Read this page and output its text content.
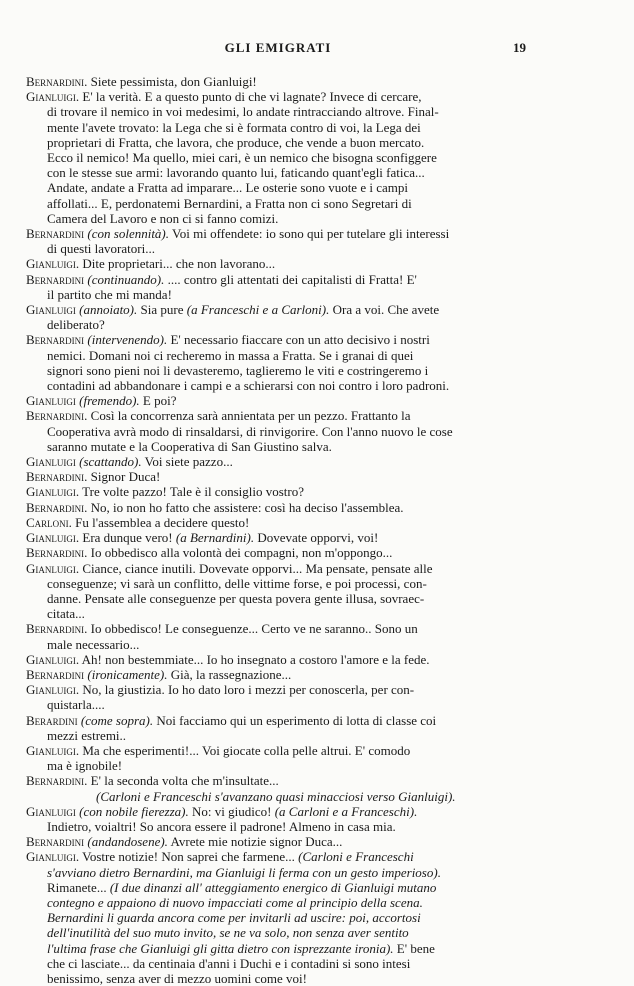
GLI EMIGRATI	19

Bernardini. Siete pessimista, don Gianluigi!

Gianluigi. E' la verità. E a questo punto di che vi lagnate? Invece di cercare,
di trovare il nemico in voi medesimi, lo andate rintracciando altrove. Final-
mente l'avete trovato: la Lega che si è formata contro di voi, la Lega dei
proprietari di Fratta, che lavora, che produce, che vende a buon mercato.
Ecco il nemico! Ma quello, miei cari, è un nemico che bisogna sconfiggere
con le stesse sue armi: lavorando quanto lui, faticando quant'egli fatica...
Andate, andate a Fratta ad imparare... Le osterie sono vuote e i campi
affollati... E, perdonatemi Bernardini, a Fratta non ci sono Segretari di
Camera del Lavoro e non ci si fanno comizi.

Bernardini (con solennità). Voi mi offendete: io sono qui per tutelare gli interessi
di questi lavoratori...

Gianluigi. Dite proprietari... che non lavorano...

Bernardini (continuando). .... contro gli attentati dei capitalisti di Fratta! E'
il partito che mi manda!

Gianluigi (annoiato). Sia pure (a Franceschi e a Carloni). Ora a voi. Che avete
deliberato?

Bernardini (intervenendo). E' necessario fiaccare con un atto decisivo i nostri
nemici. Domani noi ci recheremo in massa a Fratta. Se i granai di quei
signori sono pieni noi li devasteremo, taglieremo le viti e costringeremo i
contadini ad abbandonare i campi e a schierarsi con noi contro i loro padroni.

Gianluigi (fremendo). E poi?

Bernardini. Così la concorrenza sarà annientata per un pezzo. Frattanto la
Cooperativa avrà modo di rinsaldarsi, di rinvigorire. Con l'anno nuovo le cose
saranno mutate e la Cooperativa di San Giustino salva.

Gianluigi (scattando). Voi siete pazzo...

Bernardini. Signor Duca!

Gianluigi. Tre volte pazzo! Tale è il consiglio vostro?

Bernardini. No, io non ho fatto che assistere: così ha deciso l'assemblea.

Carloni. Fu l'assemblea a decidere questo!

Gianluigi. Era dunque vero! (a Bernardini). Dovevate opporvi, voi!

Bernardini. Io obbedisco alla volontà dei compagni, non m'oppongo...

Gianluigi. Ciance, ciance inutili. Dovevate opporvi... Ma pensate, pensate alle
conseguenze; vi sarà un conflitto, delle vittime forse, e poi processi, con-
danne. Pensate alle conseguenze per questa povera gente illusa, sovraec-
citata...

Bernardini. Io obbedisco! Le conseguenze... Certo ve ne saranno.. Sono un
male necessario...

Gianluigi. Ah! non bestemmiate... Io ho insegnato a costoro l'amore e la fede.

Bernardini (ironicamente). Già, la rassegnazione...

Gianluigi. No, la giustizia. Io ho dato loro i mezzi per conoscerla, per con-
quistarla....

Berardini (come sopra). Noi facciamo qui un esperimento di lotta di classe coi
mezzi estremi..

Gianluigi. Ma che esperimenti!... Voi giocate colla pelle altrui. E' comodo
ma è ignobile!

Bernardini. E' la seconda volta che m'insultate...

(Carloni e Franceschi s'avanzano quasi minacciosi verso Gianluigi).

Gianluigi (con nobile fierezza). No: vi giudico! (a Carloni e a Franceschi).
Indietro, voialtri! So ancora essere il padrone! Almeno in casa mia.

Bernardini (andandosene). Avrete mie notizie signor Duca...

Gianluigi. Vostre notizie! Non saprei che farmene... (Carloni e Franceschi
s'avviano dietro Bernardini, ma Gianluigi li ferma con un gesto imperioso).
Rimanete... (I due dinanzi all' atteggiamento energico di Gianluigi mutano
contegno e appaiono di nuovo impacciati come al principio della scena.
Bernardini li guarda ancora come per invitarli ad uscire: poi, accortosi
dell'inutilità del suo muto invito, se ne va solo, non senza aver sentito
l'ultima frase che Gianluigi gli gitta dietro con isprezzante ironia). E' bene
che ci lasciate... da centinaia d'anni i Duchi e i contadini si sono intesi
benissimo, senza aver di mezzo uomini come voi!
